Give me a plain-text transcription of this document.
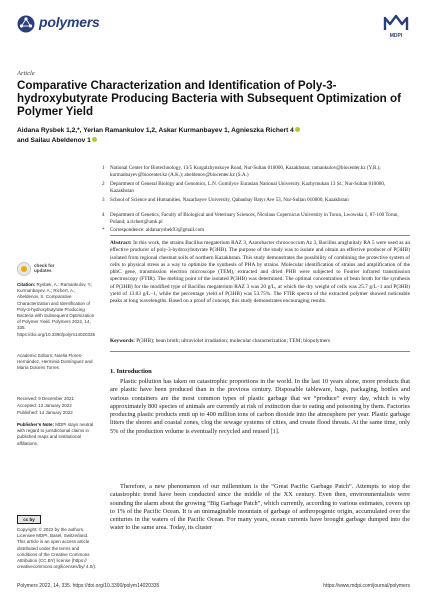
polymers
MDPI
Article
Comparative Characterization and Identification of Poly-3-hydroxybutyrate Producing Bacteria with Subsequent Optimization of Polymer Yield
Aidana Rysbek 1,2,*, Yerlan Ramankulov 1,2, Askar Kurmanbayev 1, Agnieszka Richert 4
and Sailau Abeldenov 1
1 National Center for Biotechnology, 13/5 Kurgalzhynskoye Road, Nur-Sultan 010000, Kazakhstan; ramankulov@biocenter.kz (Y.R.); kurmanbayev@biocenter.kz (A.K.); abeldenov@biocenter.kz (S.A.)
2 Department of General Biology and Genomics, L.N. Gumilyov Eurasian National University, Kazhymukan 13 St., Nur-Sultan 010000, Kazakhstan
3 School of Science and Humanities, Nazarbayev University, Qabanbay Batyr Ave 53, Nur-Sultan 010000, Kazakhstan
4 Department of Genetics, Faculty of Biological and Veterinary Sciences, Nicolaus Copernicus University in Torun, Lwowska 1, 87-100 Torun, Poland; a.richert@umk.pl
* Correspondence: aidanarysbek93@gmail.com
Abstract: In this work, the strains Bacillus megaterium RAZ 3, Azotobacter chroococcum Az 3, Bacillus araghnitaly RA 5 were used as an effective producer of poly-3-hydroxybutyrate P(3HB). The purpose of the study was to isolate and obtain an effective producer of P(3HB) isolated from regional chestnut soils of northern Kazakhstan. This study demonstrates the possibility of combining the protective system of cells to physical stress as a way to optimize the synthesis of PHA by strains. Molecular identification of strains and amplification of the phbC gene, transmission electron microscope (TEM), extracted and dried PHB were subjected to Fourier infrared transmission spectroscopy (FTIR). The melting point of the isolated P(3HB) was determined. The optimal concentration of bean broth for the synthesis of P(3HB) for the modified type of Bacillus megaterium RAZ 3 was 20 g/L, at which the dry weight of cells was 25.7 g/L−1 and P(3HB) yield of 13.83 g/L−1, while the percentage yield of P(3HB) was 53.75%. The FTIR spectra of the extracted polymer showed noticeable peaks at long wavelengths. Based on a proof of concept, this study demonstrates encouraging results.
Keywords: P(3HB); bean broth; ultraviolet irradiation; molecular characterization; TEM; biopolymers
1. Introduction
Plastic pollution has taken on catastrophic proportions in the world. In the last 10 years alone, more products that are plastic have been produced than in the previous century. Disposable tableware, bags, packaging, bottles and various containers are the most common types of plastic garbage that we “produce” every day, which is why approximately 800 species of animals are currently at risk of extinction due to eating and poisoning by them. Factories producing plastic products emit up to 400 million tons of carbon dioxide into the atmosphere per year. Plastic garbage litters the shores and coastal zones, clog the sewage systems of cities, and create flood threats. At the same time, only 5% of the production volume is eventually recycled and reused [1].
Therefore, a new phenomenon of our millennium is the “Great Pacific Garbage Patch”. Attempts to stop the catastrophic trend have been conducted since the middle of the XX century. Even then, environmentalists were sounding the alarm about the growing “Big Garbage Patch”, which currently, according to various estimates, covers up to 1% of the Pacific Ocean. It is an unimaginable mountain of garbage of anthropogenic origin, accumulated over the centuries in the waters of the Pacific Ocean. For many years, ocean currents have brought garbage dumped into the water to the same area. Today, its cluster
check for updates
Citation: Rysbek, A.; Ramankulov, Y.; Kurmanbayev, A.; Richert, A.; Abeldenov, S. Comparative Characterization and Identification of Poly-3-hydroxybutyrate Producing Bacteria with Subsequent Optimization of Polymer Yield. Polymers 2022, 14, 335. https://doi.org/10.3390/polym14020335
Academic Editors: Noelia Flores-Hernández, Herminia Domínguez and María Dolores Torres
Received: 9 December 2021
Accepted: 12 January 2022
Published: 14 January 2022
Publisher’s Note: MDPI stays neutral with regard to jurisdictional claims in published maps and institutional affiliations.
cc by
Copyright: © 2022 by the authors. Licensee MDPI, Basel, Switzerland. This article is an open access article distributed under the terms and conditions of the Creative Commons Attribution (CC BY) license (https:// creativecommons.org/licenses/by/ 4.0/).
Polymers 2022, 14, 335. https://doi.org/10.3390/polym14020335	https://www.mdpi.com/journal/polymers
